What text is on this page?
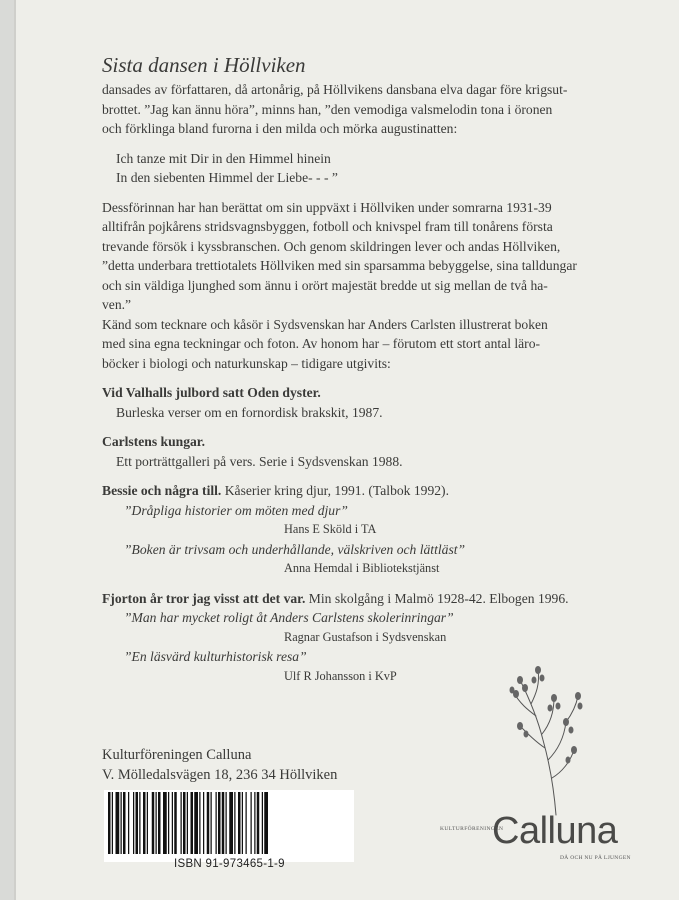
Sista dansen i Höllviken

dansades av författaren, då artonårig, på Höllvikens dansbana elva dagar före krigsut-

brottet. ”Jag kan ännu höra”, minns han, ”den vemodiga valsmelodin tona i öronen

och förklinga bland furorna i den milda och mörka augustinatten:

Ich tanze mit Dir in den Himmel hinein

In den siebenten Himmel der Liebe- - - ”

Dessförinnan har han berättat om sin uppväxt i Höllviken under somrarna 1931-39

alltifrån pojkårens stridsvagnsbyggen, fotboll och knivspel fram till tonårens första

trevande försök i kyssbranschen. Och genom skildringen lever och andas Höllviken,

”detta underbara trettiotalets Höllviken med sin sparsamma bebyggelse, sina talldungar

och sin väldiga ljunghed som ännu i orört majestät bredde ut sig mellan de två ha-

ven.”

Känd som tecknare och kåsör i Sydsvenskan har Anders Carlsten illustrerat boken

med sina egna teckningar och foton. Av honom har – förutom ett stort antal läro-

böcker i biologi och naturkunskap – tidigare utgivits:

Vid Valhalls julbord satt Oden dyster.

Burleska verser om en fornordisk brakskit, 1987.

Carlstens kungar.

Ett porträttgalleri på vers. Serie i Sydsvenskan 1988.

Bessie och några till. Kåserier kring djur, 1991. (Talbok 1992).

”Dråpliga historier om möten med djur”

Hans E Sköld i TA

”Boken är trivsam och underhållande, välskriven och lättläst”

Anna Hemdal i Bibliotekstjänst

Fjorton år tror jag visst att det var. Min skolgång i Malmö 1928-42. Elbogen 1996.

”Man har mycket roligt åt Anders Carlstens skolerinringar”

Ragnar Gustafson i Sydsvenskan

”En läsvärd kulturhistorisk resa”

Ulf R Johansson i KvP

Kulturföreningen Calluna

V. Mölledalsvägen 18, 236 34 Höllviken

ISBN 91-973465-1-9
KULTURFÖRENINGEN
Calluna
DÅ OCH NU PÅ LJUNGEN
